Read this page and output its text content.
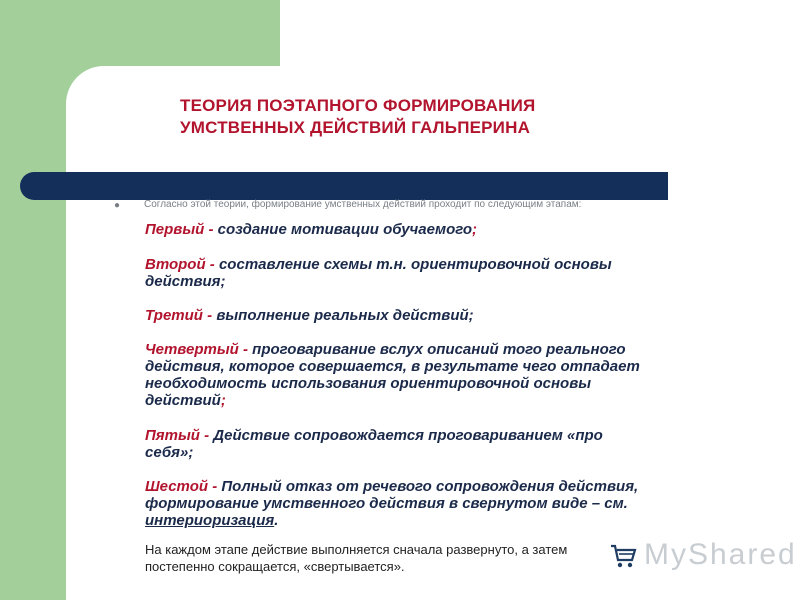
ТЕОРИЯ ПОЭТАПНОГО ФОРМИРОВАНИЯ
УМСТВЕННЫХ ДЕЙСТВИЙ ГАЛЬПЕРИНА
● Согласно этой теории, формирование умственных действий проходит по следующим этапам:
Первый - создание мотивации обучаемого;
Второй - составление схемы т.н. ориентировочной основы
действия;
Третий - выполнение реальных действий;
Четвертый - проговаривание вслух описаний того реального
действия, которое совершается, в результате чего отпадает
необходимость использования ориентировочной основы
действий;
Пятый - Действие сопровождается проговариванием «про
себя»;
Шестой - Полный отказ от речевого сопровождения действия,
формирование умственного действия в свернутом виде – см.
интериоризация.
На каждом этапе действие выполняется сначала развернуто, а затем
постепенно сокращается, «свертывается».	MyShared
